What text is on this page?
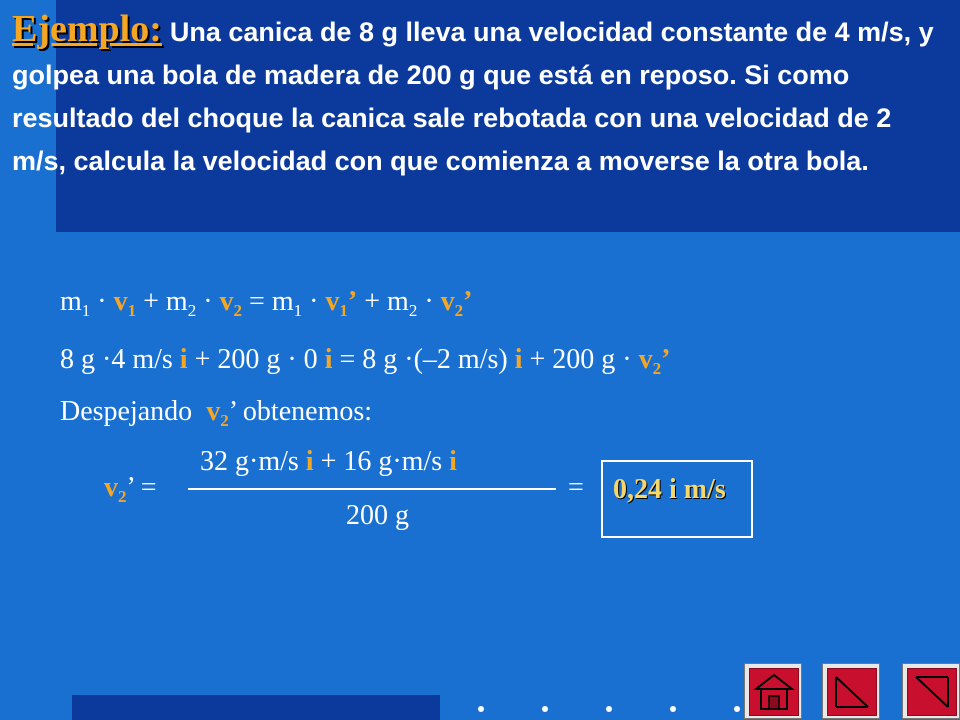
Ejemplo: Una canica de 8 g lleva una velocidad constante de 4 m/s, y golpea una bola de madera de 200 g que está en reposo. Si como resultado del choque la canica sale rebotada con una velocidad de 2 m/s, calcula la velocidad con que comienza a moverse la otra bola.

$m_1 \cdot v_1 + m_2 \cdot v_2 = m_1 \cdot v_1$’ + $m_2 \cdot v_2$’
8 g ·4 m/s i + 200 g · 0 i = 8 g ·(–2 m/s) i + 200 $g \cdot v_2$’
Despejando $v_2$’ obtenemos:
32 g·m/s i + 16 g·m/s i
200 g
$v_2$’ =	= 0,24 i m/s
